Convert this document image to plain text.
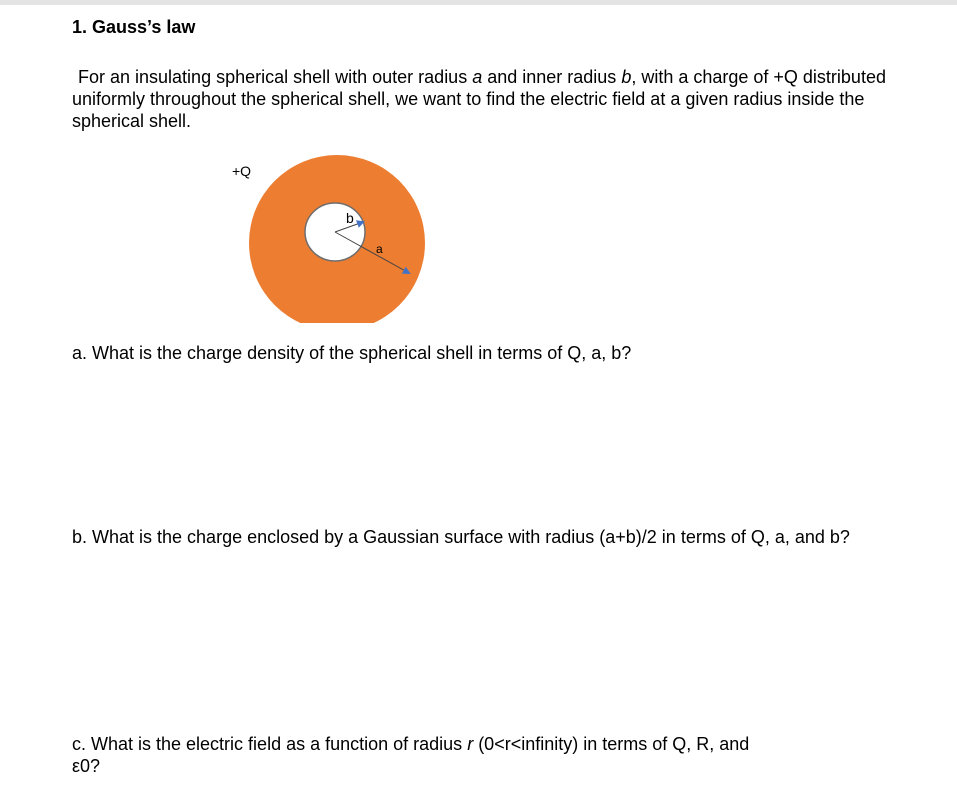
1. Gauss’s law

For an insulating spherical shell with outer radius a and inner radius b, with a charge of +Q distributed uniformly throughout the spherical shell, we want to find the electric field at a given radius inside the spherical shell.

+Q
b
a

a. What is the charge density of the spherical shell in terms of Q, a, b?

b. What is the charge enclosed by a Gaussian surface with radius (a+b)/2 in terms of Q, a, and b?

c. What is the electric field as a function of radius r (0<r<infinity) in terms of Q, R, and
ε0?
